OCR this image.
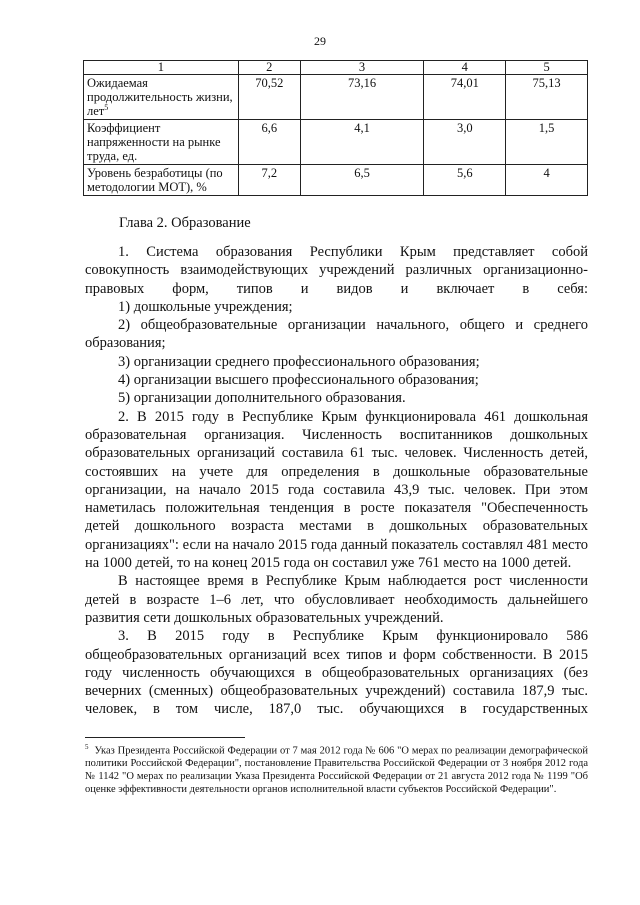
29
1	2	3	4	5
Ожидаемая продолжительность жизни, лет$^5$	70,52	73,16	74,01	75,13
Коэффициент напряженности на рынке труда, ед.	6,6	4,1	3,0	1,5
Уровень безработицы (по методологии МОТ), %	7,2	6,5	5,6	4
Глава 2. Образование

1. Система образования Республики Крым представляет собой совокупность взаимодействующих учреждений различных организационно-правовых форм, типов и видов и включает в себя:

1) дошкольные учреждения;

2) общеобразовательные организации начального, общего и среднего образования;

3) организации среднего профессионального образования;

4) организации высшего профессионального образования;

5) организации дополнительного образования.

2. В 2015 году в Республике Крым функционировала 461 дошкольная образовательная организация. Численность воспитанников дошкольных образовательных организаций составила 61 тыс. человек. Численность детей, состоявших на учете для определения в дошкольные образовательные организации, на начало 2015 года составила 43,9 тыс. человек. При этом наметилась положительная тенденция в росте показателя "Обеспеченность детей дошкольного возраста местами в дошкольных образовательных организациях": если на начало 2015 года данный показатель составлял 481 место на 1000 детей, то на конец 2015 года он составил уже 761 место на 1000 детей.

В настоящее время в Республике Крым наблюдается рост численности детей в возрасте 1–6 лет, что обусловливает необходимость дальнейшего развития сети дошкольных образовательных учреждений.

3. В 2015 году в Республике Крым функционировало 586 общеобразовательных организаций всех типов и форм собственности. В 2015 году численность обучающихся в общеобразовательных организациях (без вечерних (сменных) общеобразовательных учреждений) составила 187,9 тыс. человек, в том числе, 187,0 тыс. обучающихся в государственных

$^5$ Указ Президента Российской Федерации от 7 мая 2012 года № 606 "О мерах по реализации демографической политики Российской Федерации", постановление Правительства Российской Федерации от 3 ноября 2012 года № 1142 "О мерах по реализации Указа Президента Российской Федерации от 21 августа 2012 года № 1199 "Об оценке эффективности деятельности органов исполнительной власти субъектов Российской Федерации".
